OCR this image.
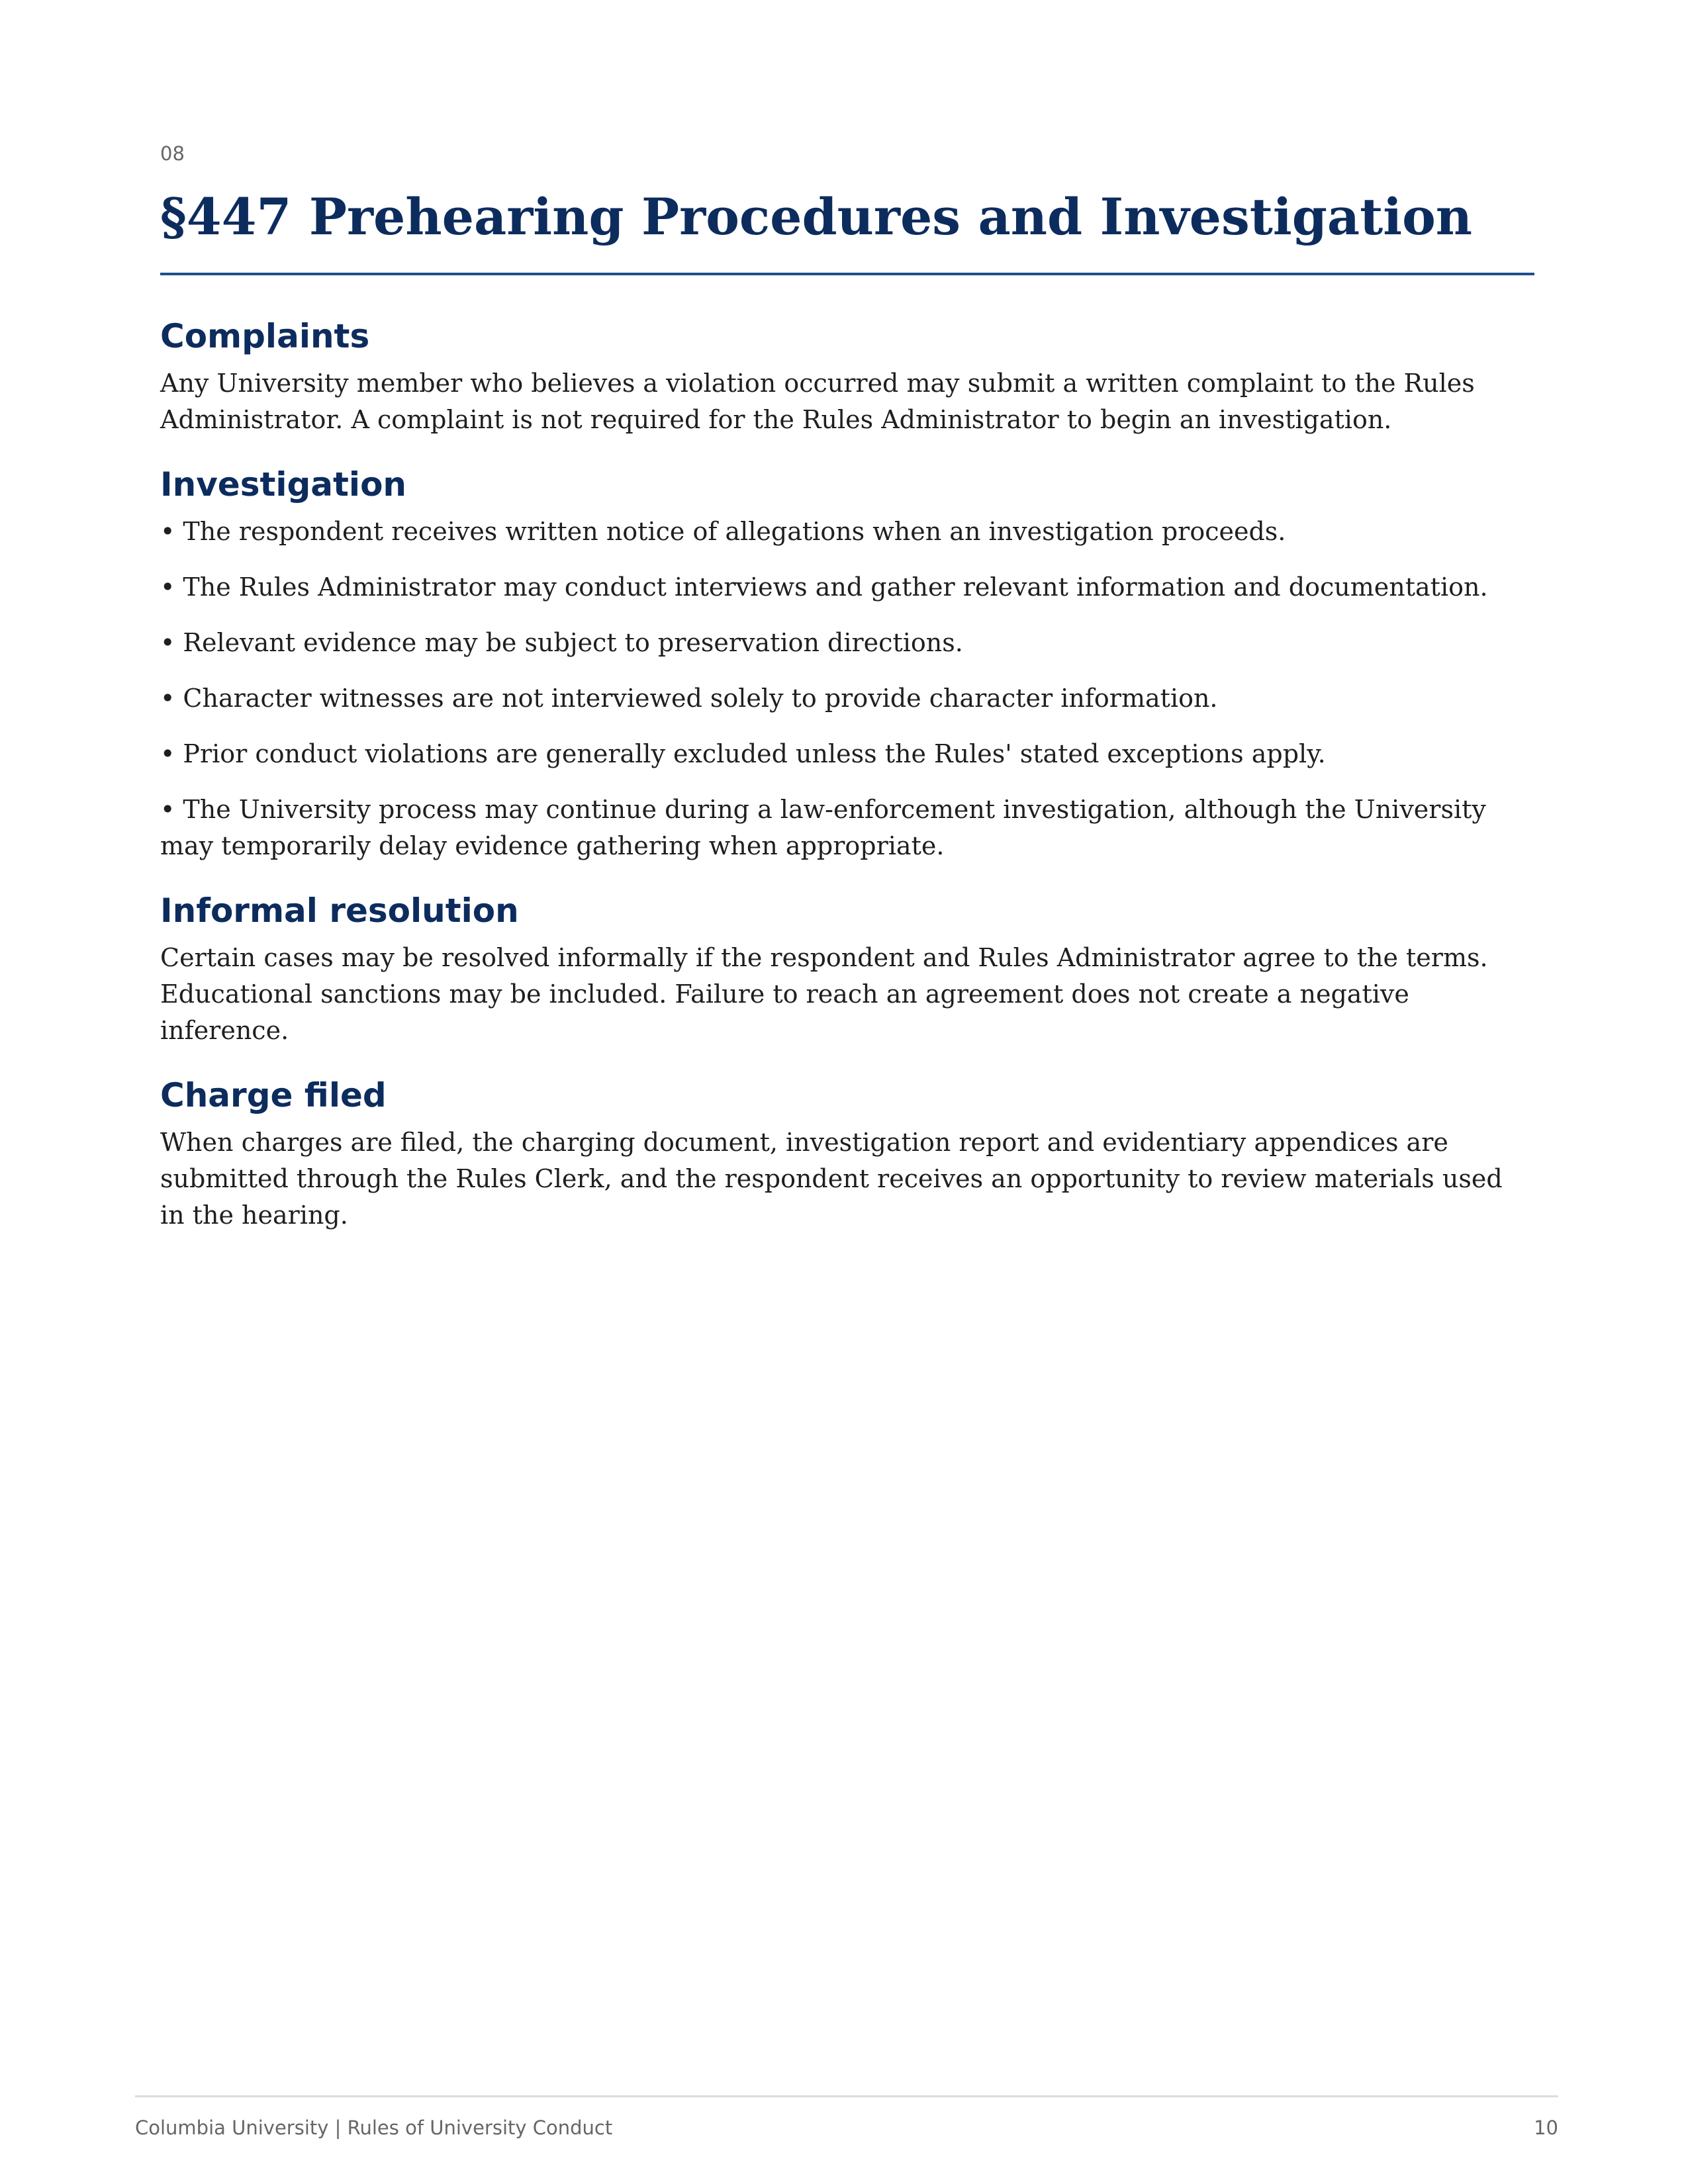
08
§447 Prehearing Procedures and Investigation
Complaints

Any University member who believes a violation occurred may submit a written complaint to the Rules Administrator. A complaint is not required for the Rules Administrator to begin an investigation.

Investigation
• The respondent receives written notice of allegations when an investigation proceeds.
• The Rules Administrator may conduct interviews and gather relevant information and documentation.
• Relevant evidence may be subject to preservation directions.
• Character witnesses are not interviewed solely to provide character information.
• Prior conduct violations are generally excluded unless the Rules' stated exceptions apply.
• The University process may continue during a law-enforcement investigation, although the University may temporarily delay evidence gathering when appropriate.
Informal resolution

Certain cases may be resolved informally if the respondent and Rules Administrator agree to the terms. Educational sanctions may be included. Failure to reach an agreement does not create a negative inference.

Charge filed

When charges are filed, the charging document, investigation report and evidentiary appendices are submitted through the Rules Clerk, and the respondent receives an opportunity to review materials used in the hearing.

Columbia University | Rules of University Conduct	10
